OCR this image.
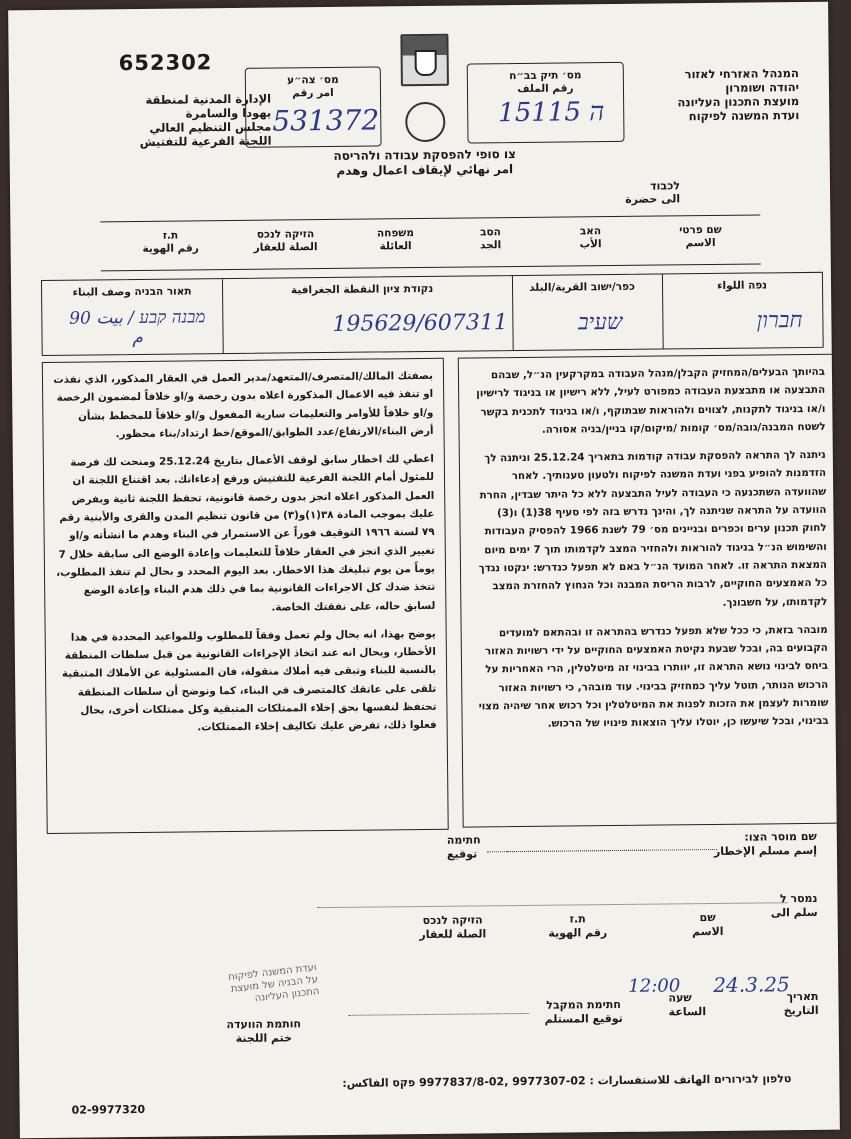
652302
الإدارة المدنية لمنطقة
يهودا والسامرة
مجلس التنظيم العالي
اللجنة الفرعية للتفتيش
המנהל האזרחי לאזור
יהודה ושומרון
מועצת התכנון העליונה
ועדת המשנה לפיקוח
מס׳ צה״ע
امر رقم
531372
מס׳ תיק בב״ח
رقم الملف
ה 15115
צו סופי להפסקת עבודה ולהריסה
امر نهائي لإيقاف اعمال وهدم
לכבוד
الى حضرة
שם פרטי
الاسم
האב
الأب
הסב
الجد
משפחה
العائلة
הזיקה לנכס
الصلة للعقار
ת.ז
رقم الهوية
נפה اللواء
כפר/ישוב القرية/البلد
נקודת ציון النقطة الجغرافية
תאור הבניה وصف البناء
חברון
שעיב
195629/607311
מבנה קבע / بيت 90 م

بصفتك المالك/المتصرف/المتعهد/مدير العمل في العقار المذكور، الذي نفذت او تنفذ فيه الاعمال المذكورة اعلاه بدون رخصة و/او خلافاً لمضمون الرخصة و/او خلافاً للأوامر والتعليمات سارية المفعول و/او خلافاً للمخطط بشأن أرض البناء/الارتفاع/عدد الطوابق/الموقع/خط ارتداد/بناء محظور.

اعطي لك اخطار سابق لوقف الأعمال بتاريخ 25.12.24 ومنحت لك فرصة للمثول أمام اللجنة الفرعية للتفتيش ورفع إدعاءاتك. بعد اقتناع اللجنة ان العمل المذكور اعلاه انجز بدون رخصة قانونية، تحفظ اللجنة ثانية وبفرض عليك بموجب المادة ٣٨(١)و(٣) من قانون تنظيم المدن والقرى والأبنية رقم ٧٩ لسنة ١٩٦٦ التوقيف فوراً عن الاستمرار في البناء وهدم ما انشأته و/او تغيير الذي انجز في العقار خلافاً للتعليمات وإعادة الوضع الى سابقة خلال 7 يوماً من يوم تبليغك هذا الاخطار. بعد اليوم المحدد و بحال لم تنفذ المطلوب، تتخذ ضدك كل الاجراءات القانونية بما في ذلك هدم البناء وإعادة الوضع لسابق حاله، على نفقتك الخاصة.

يوضح بهذا، انه بحال ولم تعمل وفقاً للمطلوب وللمواعيد المحددة في هذا الأخطار، وبحال انه عند اتخاذ الإجراءات القانونية من قبل سلطات المنطقة بالنسبة للبناء وتبقى فيه أملاك منقولة، فان المسئولية عن الأملاك المتبقية تلقى على عاتقك كالمتصرف في البناء، كما ونوضح أن سلطات المنطقة تحتفظ لنفسها بحق إخلاء الممتلكات المتبقية وكل ممتلكات أخرى، بحال فعلوا ذلك، تفرض عليك تكاليف إخلاء الممتلكات.

בהיותך הבעלים/המחזיק הקבלן/מנהל העבודה במקרקעין הנ״ל, שבהם התבצעה או מתבצעת העבודה כמפורט לעיל, ללא רישיון או בניגוד לרישיון ו/או בניגוד לתקנות, לצווים ולהוראות שבתוקף, ו/או בניגוד לתכנית בקשר לשטח המבנה/גובה/מס׳ קומות /מיקום/קו בניין/בניה אסורה.

ניתנה לך התראה להפסקת עבודה קודמות בתאריך 25.12.24 וניתנה לך הזדמנות להופיע בפני ועדת המשנה לפיקוח ולטעון טענותיך. לאחר שהוועדה השתכנעה כי העבודה לעיל התבצעה ללא כל היתר שבדין, החרת הוועדה על התראה שניתנה לך, והינך נדרש בזה לפי סעיף 38(1) ו(3) לחוק תכנון ערים וכפרים ובניינים מס׳ 79 לשנת 1966 להפסיק העבודות והשימוש הנ״ל בניגוד להוראות ולהחזיר המצב לקדמותו תוך 7 ימים מיום המצאת התראה זו. לאחר המועד הנ״ל באם לא תפעל כנדרש: ינקטו נגדך כל האמצעים החוקיים, לרבות הריסת המבנה וכל הנחוץ להחזרת המצב לקדמותו, על חשבונך.

מובהר בזאת, כי ככל שלא תפעל כנדרש בהתראה זו ובהתאם למועדים הקבועים בה, ובכל שבעת נקיטת האמצעים החוקיים על ידי רשויות האזור ביחס לבינוי נושא התראה זו, יוותרו בבינוי זה מיטלטלין, הרי האחריות על הרכוש הנותר, תוטל עליך כמחזיק בבינוי. עוד מובהר, כי רשויות האזור שומרות לעצמן את הזכות לפנות את המיטלטלין וכל רכוש אחר שיהיה מצוי בבינוי, ובכל שיעשו כן, יוטלו עליך הוצאות פינויו של הרכוש.

שם מוסר הצו:
إسم مسلم الإخطار
חתימה
توقيع
נמסר ל
سلم الى
שם
الاسم
ת.ז
رقم الهوية
הזיקה לנכס
الصلة للعقار
תאריך
التاريخ
24.3.25
שעה
الساعة
12:00
חתימת המקבל
توقيع المستلم
חותמת הוועדה
ختم اللجنة
ועדת המשנה לפיקוח על הבניה של מועצת התכנון העליונה
טלפון לבירורים الهاتف للاستفسارات : 02-9977307 ,02-9977837/8 פקס الفاكس:
02-9977320
